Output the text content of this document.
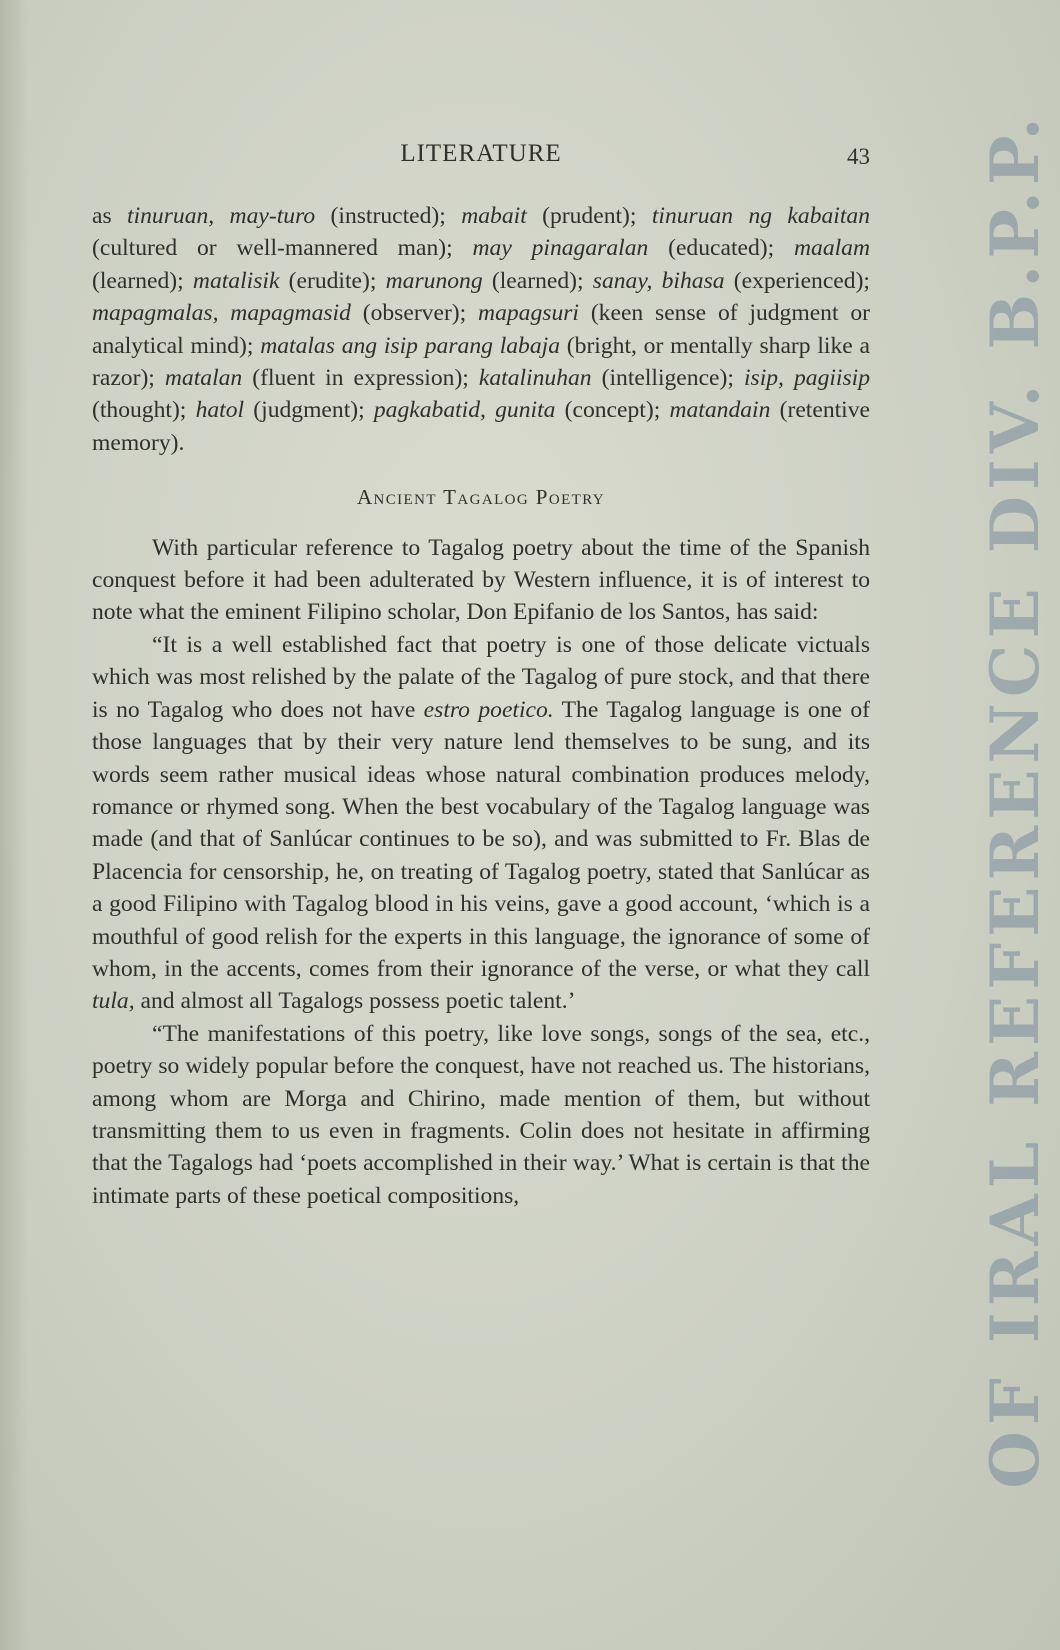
LITERATURE	43

as tinuruan, may-turo (instructed); mabait (prudent); tinuruan ng kabaitan (cultured or well-mannered man); may pinagaralan (educated); maalam (learned); matalisik (erudite); marunong (learned); sanay, bihasa (experienced); mapagmalas, mapagmasid (observer); mapagsuri (keen sense of judgment or analytical mind); matalas ang isip parang labaja (bright, or mentally sharp like a razor); matalan (fluent in expression); katalinuhan (intelligence); isip, pagiisip (thought); hatol (judgment); pagkabatid, gunita (concept); matandain (retentive memory).

Ancient Tagalog Poetry

With particular reference to Tagalog poetry about the time of the Spanish conquest before it had been adulterated by Western influence, it is of interest to note what the eminent Filipino scholar, Don Epifanio de los Santos, has said:

“It is a well established fact that poetry is one of those delicate victuals which was most relished by the palate of the Tagalog of pure stock, and that there is no Tagalog who does not have estro poetico. The Tagalog language is one of those languages that by their very nature lend themselves to be sung, and its words seem rather musical ideas whose natural combination produces melody, romance or rhymed song. When the best vocabulary of the Tagalog language was made (and that of Sanlúcar continues to be so), and was submitted to Fr. Blas de Placencia for censorship, he, on treating of Tagalog poetry, stated that Sanlúcar as a good Filipino with Tagalog blood in his veins, gave a good account, ‘which is a mouthful of good relish for the experts in this language, the ignorance of some of whom, in the accents, comes from their ignorance of the verse, or what they call tula, and almost all Tagalogs possess poetic talent.’

“The manifestations of this poetry, like love songs, songs of the sea, etc., poetry so widely popular before the conquest, have not reached us. The historians, among whom are Morga and Chirino, made mention of them, but without transmitting them to us even in fragments. Colin does not hesitate in affirming that the Tagalogs had ‘poets accomplished in their way.’ What is certain is that the intimate parts of these poetical compositions,	OF IRAL REFERENCE DIV. B.P.P.
